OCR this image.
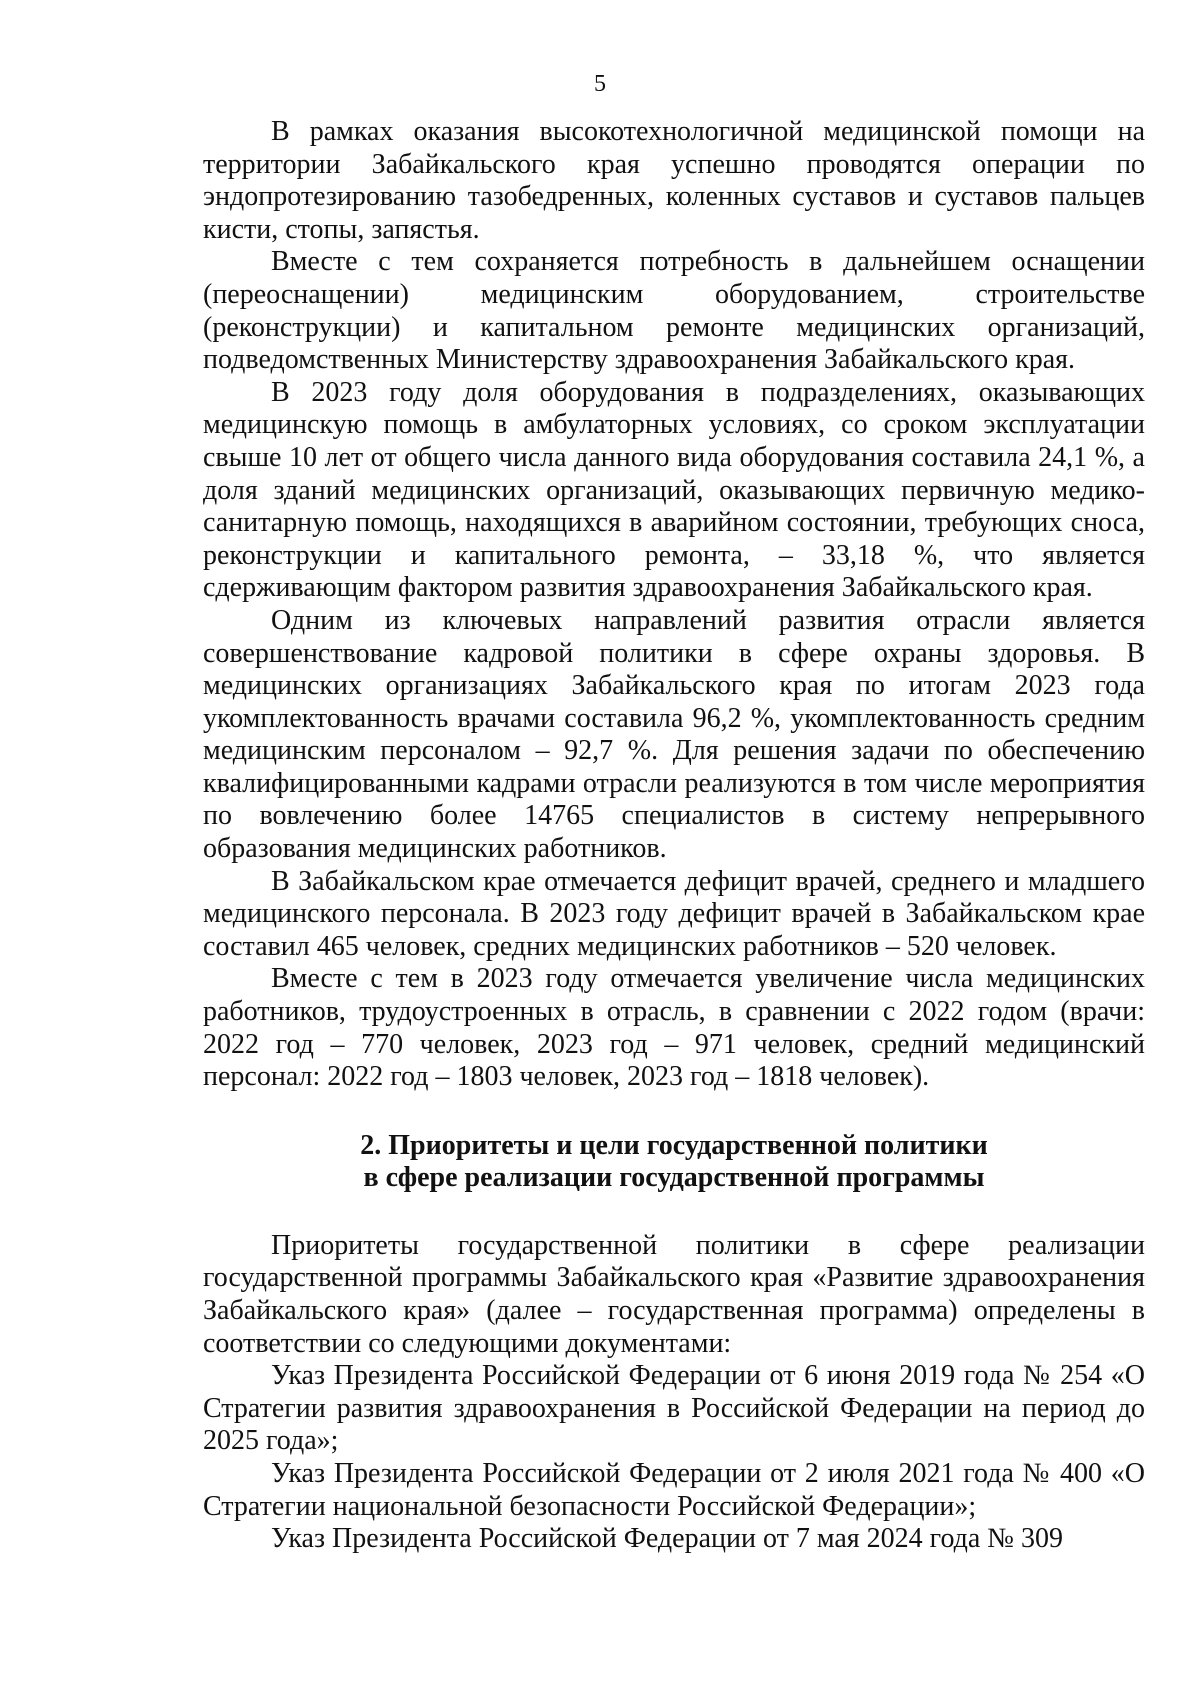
5

В рамках оказания высокотехнологичной медицинской помощи на территории Забайкальского края успешно проводятся операции по эндопротезированию тазобедренных, коленных суставов и суставов пальцев кисти, стопы, запястья.

Вместе с тем сохраняется потребность в дальнейшем оснащении (переоснащении) медицинским оборудованием, строительстве (реконструкции) и капитальном ремонте медицинских организаций, подведомственных Министерству здравоохранения Забайкальского края.

В 2023 году доля оборудования в подразделениях, оказывающих медицинскую помощь в амбулаторных условиях, со сроком эксплуатации свыше 10 лет от общего числа данного вида оборудования составила 24,1 %, а доля зданий медицинских организаций, оказывающих первичную медико-санитарную помощь, находящихся в аварийном состоянии, требующих сноса, реконструкции и капитального ремонта, – 33,18 %, что является сдерживающим фактором развития здравоохранения Забайкальского края.

Одним из ключевых направлений развития отрасли является совершенствование кадровой политики в сфере охраны здоровья. В медицинских организациях Забайкальского края по итогам 2023 года укомплектованность врачами составила 96,2 %, укомплектованность средним медицинским персоналом – 92,7 %. Для решения задачи по обеспечению квалифицированными кадрами отрасли реализуются в том числе мероприятия по вовлечению более 14765 специалистов в систему непрерывного образования медицинских работников.

В Забайкальском крае отмечается дефицит врачей, среднего и младшего медицинского персонала. В 2023 году дефицит врачей в Забайкальском крае составил 465 человек, средних медицинских работников – 520 человек.

Вместе с тем в 2023 году отмечается увеличение числа медицинских работников, трудоустроенных в отрасль, в сравнении с 2022 годом (врачи: 2022 год – 770 человек, 2023 год – 971 человек, средний медицинский персонал: 2022 год – 1803 человек, 2023 год – 1818 человек).

2. Приоритеты и цели государственной политики
в сфере реализации государственной программы

Приоритеты государственной политики в сфере реализации государственной программы Забайкальского края «Развитие здравоохранения Забайкальского края» (далее – государственная программа) определены в соответствии со следующими документами:

Указ Президента Российской Федерации от 6 июня 2019 года № 254 «О Стратегии развития здравоохранения в Российской Федерации на период до 2025 года»;

Указ Президента Российской Федерации от 2 июля 2021 года № 400 «О Стратегии национальной безопасности Российской Федерации»;

Указ Президента Российской Федерации от 7 мая 2024 года № 309
